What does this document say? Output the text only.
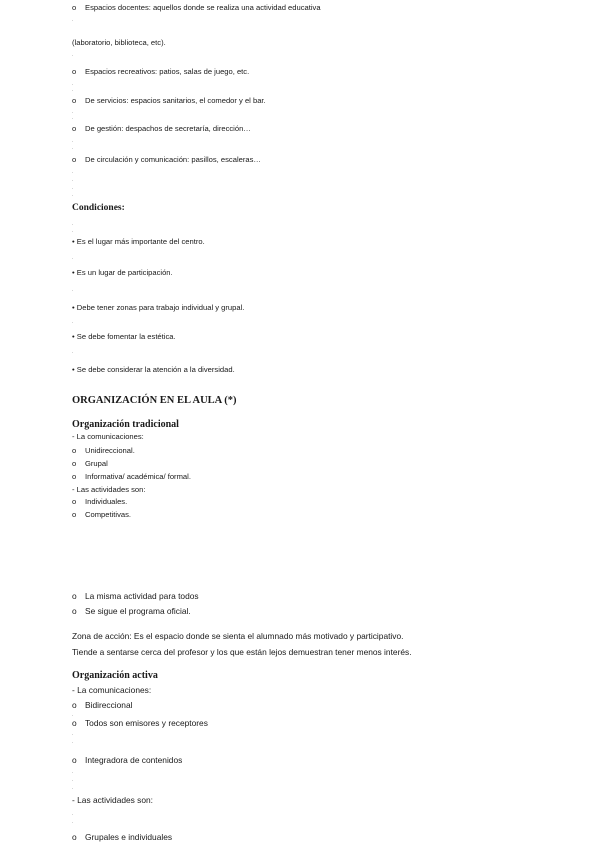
o Espacios docentes: aquellos donde se realiza una actividad educativa
.
(laboratorio, biblioteca, etc).
.
o Espacios recreativos: patios, salas de juego, etc.
.
.
o De servicios: espacios sanitarios, el comedor y el bar.
.
.
o De gestión: despachos de secretaría, dirección…
.
.
o De circulación y comunicación: pasillos, escaleras…
.
.
.
.
Condiciones:
.
.
• Es el lugar más importante del centro.
.
• Es un lugar de participación.
.
• Debe tener zonas para trabajo individual y grupal.
.
• Se debe fomentar la estética.
.
• Se debe considerar la atención a la diversidad.
ORGANIZACIÓN EN EL AULA (*)
Organización tradicional
- La comunicaciones:
o Unidireccional.
o Grupal
o Informativa/ académica/ formal.
- Las actividades son:
o Individuales.
o Competitivas.
o La misma actividad para todos
o Se sigue el programa oficial.
Zona de acción: Es el espacio donde se sienta el alumnado más motivado y participativo.
Tiende a sentarse cerca del profesor y los que están lejos demuestran tener menos interés.
Organización activa
- La comunicaciones:
o Bidireccional
.
o Todos son emisores y receptores
.
.
o Integradora de contenidos
.
.
.
- Las actividades son:
.
.
o Grupales e individuales
